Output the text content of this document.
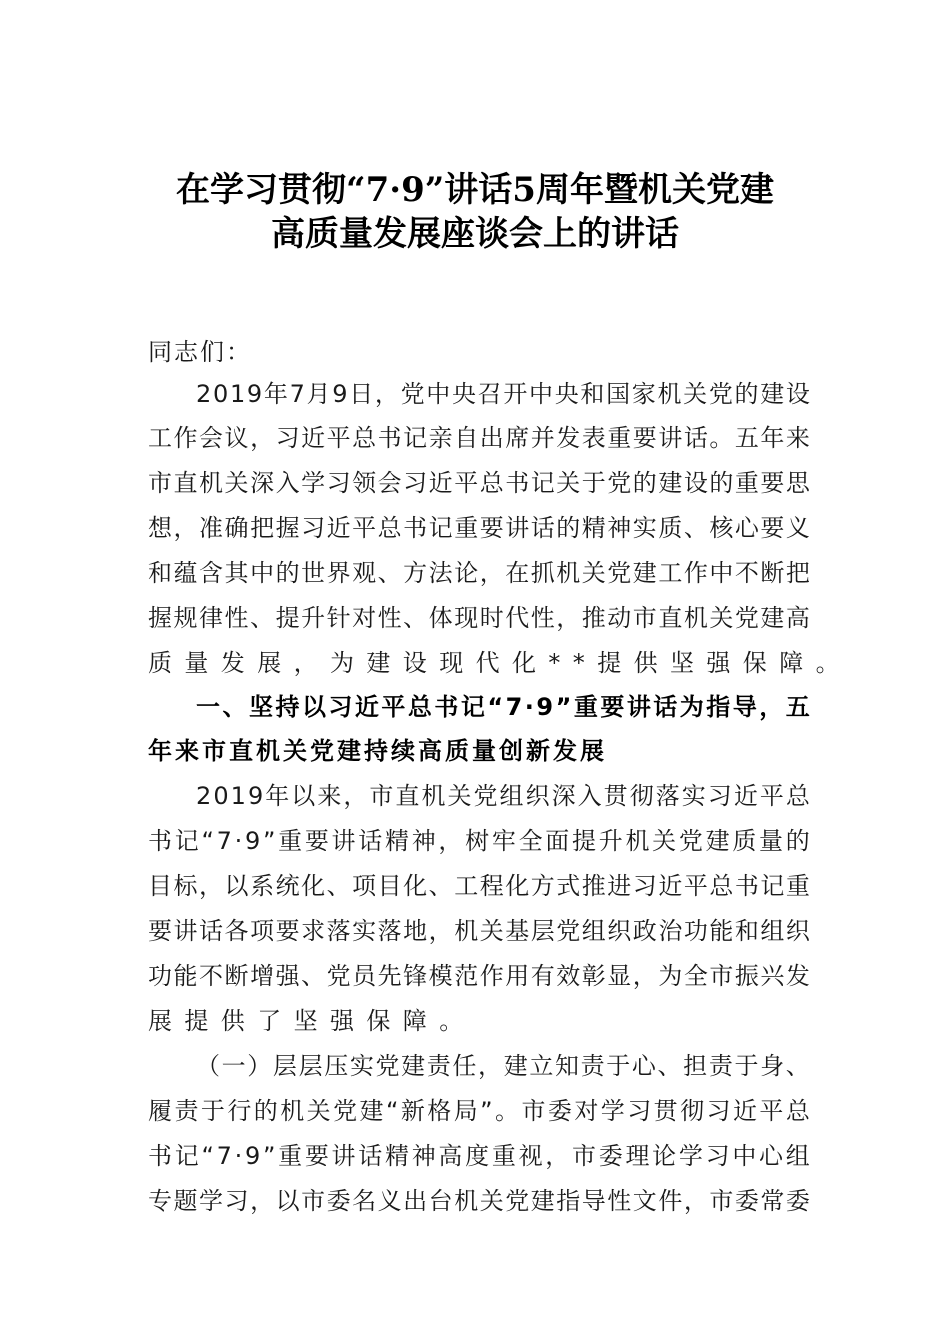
在学习贯彻“7·9”讲话5周年暨机关党建
高质量发展座谈会上的讲话
同志们：
2 0 1 9 年 7 月 9 日 ， 党 中 央 召 开 中 央 和 国 家 机 关 党 的 建 设
工 作 会 议 ， 习 近 平 总 书 记 亲 自 出 席 并 发 表 重 要 讲 话 。 五 年 来
市 直 机 关 深 入 学 习 领 会 习 近 平 总 书 记 关 于 党 的 建 设 的 重 要 思
想 ， 准 确 把 握 习 近 平 总 书 记 重 要 讲 话 的 精 神 实 质 、 核 心 要 义
和 蕴 含 其 中 的 世 界 观 、 方 法 论 ， 在 抓 机 关 党 建 工 作 中 不 断 把
握 规 律 性 、 提 升 针 对 性 、 体 现 时 代 性 ， 推 动 市 直 机 关 党 建 高
质量发展，为建设现代化**提供坚强保障。
一 、 坚 持 以 习 近 平 总 书 记 “ 7 · 9 ” 重 要 讲 话 为 指 导 ， 五
年来市直机关党建持续高质量创新发展
2 0 1 9 年 以 来 ， 市 直 机 关 党 组 织 深 入 贯 彻 落 实 习 近 平 总
书 记 “ 7 · 9 ” 重 要 讲 话 精 神 ， 树 牢 全 面 提 升 机 关 党 建 质 量 的
目 标 ， 以 系 统 化 、 项 目 化 、 工 程 化 方 式 推 进 习 近 平 总 书 记 重
要 讲 话 各 项 要 求 落 实 落 地 ， 机 关 基 层 党 组 织 政 治 功 能 和 组 织
功 能 不 断 增 强 、 党 员 先 锋 模 范 作 用 有 效 彰 显 ， 为 全 市 振 兴 发
展提供了坚强保障。
（ 一 ） 层 层 压 实 党 建 责 任 ， 建 立 知 责 于 心 、 担 责 于 身 、
履 责 于 行 的 机 关 党 建 “ 新 格 局 ” 。 市 委 对 学 习 贯 彻 习 近 平 总
书 记 “ 7 · 9 ” 重 要 讲 话 精 神 高 度 重 视 ， 市 委 理 论 学 习 中 心 组
专 题 学 习 ， 以 市 委 名 义 出 台 机 关 党 建 指 导 性 文 件 ， 市 委 常 委
